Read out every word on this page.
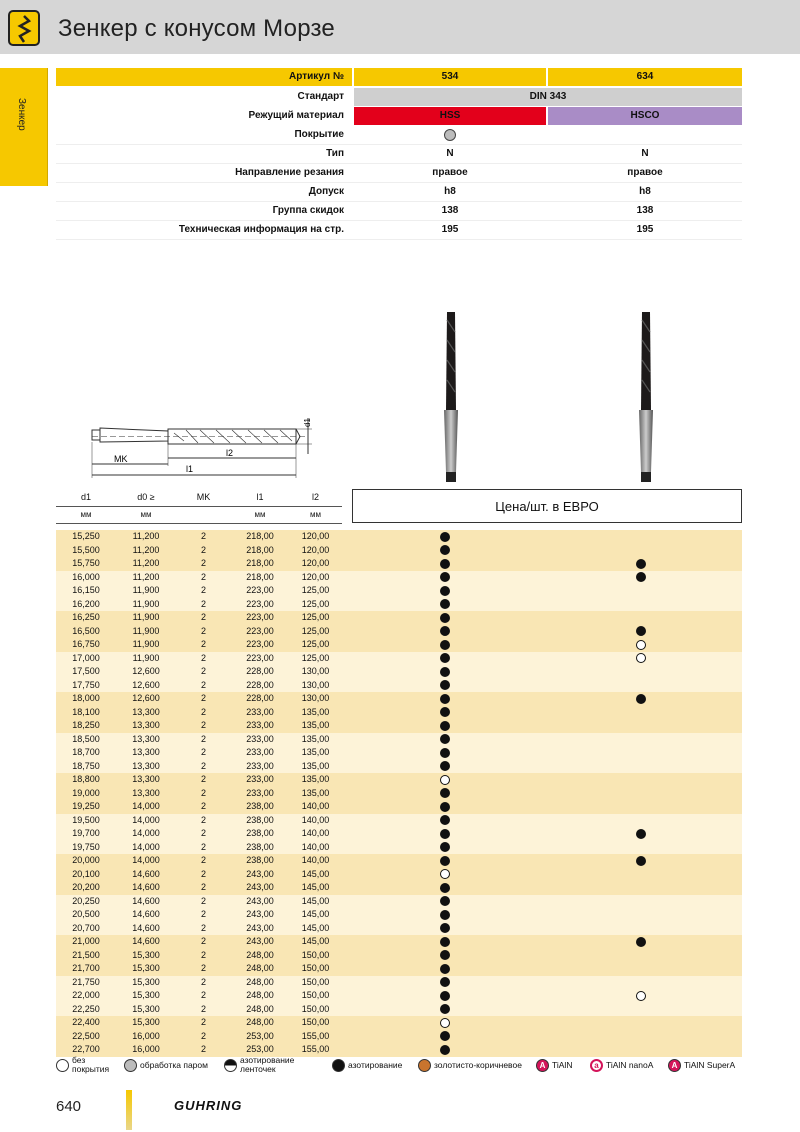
Зенкер с конусом Морзе
Зенкер
Артикул №	534	634
Стандарт	DIN 343
Режущий материал	HSS	HSCO
Покрытие
Тип	N	N
Направление резания	правое	правое
Допуск	h8	h8
Группа скидок	138	138
Техническая информация на стр.	195	195
MK
l2
l1
d1
d1	d0 ≥	MK	l1	l2
мм	мм		мм	мм
Цена/шт. в ЕВРО
15,250	11,200	2	218,00	120,00
15,500	11,200	2	218,00	120,00
15,750	11,200	2	218,00	120,00
16,000	11,200	2	218,00	120,00
16,150	11,900	2	223,00	125,00
16,200	11,900	2	223,00	125,00
16,250	11,900	2	223,00	125,00
16,500	11,900	2	223,00	125,00
16,750	11,900	2	223,00	125,00
17,000	11,900	2	223,00	125,00
17,500	12,600	2	228,00	130,00
17,750	12,600	2	228,00	130,00
18,000	12,600	2	228,00	130,00
18,100	13,300	2	233,00	135,00
18,250	13,300	2	233,00	135,00
18,500	13,300	2	233,00	135,00
18,700	13,300	2	233,00	135,00
18,750	13,300	2	233,00	135,00
18,800	13,300	2	233,00	135,00
19,000	13,300	2	233,00	135,00
19,250	14,000	2	238,00	140,00
19,500	14,000	2	238,00	140,00
19,700	14,000	2	238,00	140,00
19,750	14,000	2	238,00	140,00
20,000	14,000	2	238,00	140,00
20,100	14,600	2	243,00	145,00
20,200	14,600	2	243,00	145,00
20,250	14,600	2	243,00	145,00
20,500	14,600	2	243,00	145,00
20,700	14,600	2	243,00	145,00
21,000	14,600	2	243,00	145,00
21,500	15,300	2	248,00	150,00
21,700	15,300	2	248,00	150,00
21,750	15,300	2	248,00	150,00
22,000	15,300	2	248,00	150,00
22,250	15,300	2	248,00	150,00
22,400	15,300	2	248,00	150,00
22,500	16,000	2	253,00	155,00
22,700	16,000	2	253,00	155,00
без покрытия	обработка паром	азотирование ленточек	азотирование	золотисто-коричневое	A TiAlN	a TiAlN nanoA	A TiAlN SuperA
640	GUHRING
